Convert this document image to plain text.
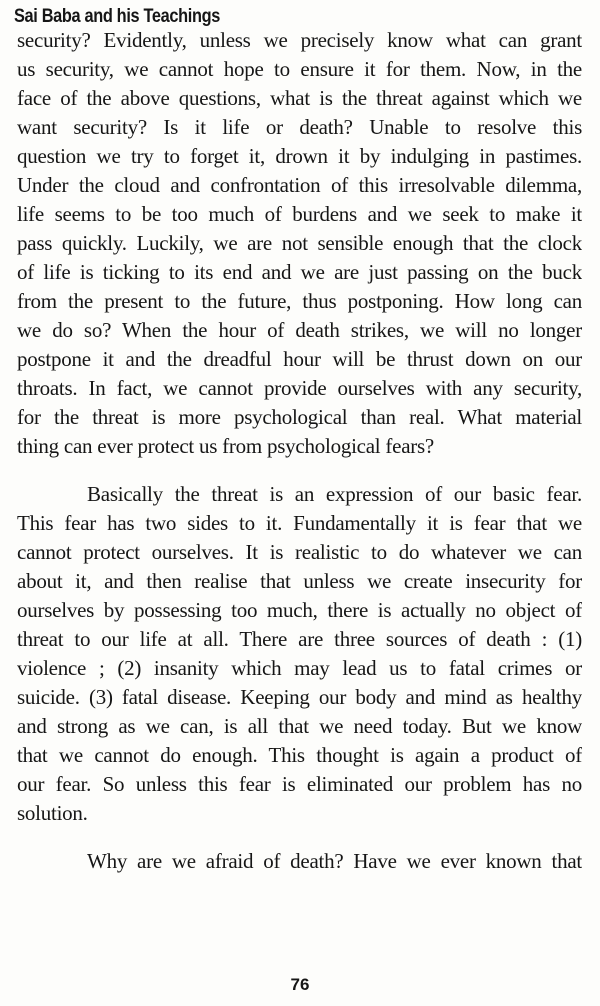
Sai Baba and his Teachings
security? Evidently, unless we precisely know what can grant
us security, we cannot hope to ensure it for them. Now, in the
face of the above questions, what is the threat against which we
want security? Is it life or death? Unable to resolve this
question we try to forget it, drown it by indulging in pastimes.
Under the cloud and confrontation of this irresolvable dilemma,
life seems to be too much of burdens and we seek to make it
pass quickly. Luckily, we are not sensible enough that the clock
of life is ticking to its end and we are just passing on the buck
from the present to the future, thus postponing. How long can
we do so? When the hour of death strikes, we will no longer
postpone it and the dreadful hour will be thrust down on our
throats. In fact, we cannot provide ourselves with any security,
for the threat is more psychological than real. What material
thing can ever protect us from psychological fears?
Basically the threat is an expression of our basic fear.
This fear has two sides to it. Fundamentally it is fear that we
cannot protect ourselves. It is realistic to do whatever we can
about it, and then realise that unless we create insecurity for
ourselves by possessing too much, there is actually no object of
threat to our life at all. There are three sources of death : (1)
violence ; (2) insanity which may lead us to fatal crimes or
suicide. (3) fatal disease. Keeping our body and mind as healthy
and strong as we can, is all that we need today. But we know
that we cannot do enough. This thought is again a product of
our fear. So unless this fear is eliminated our problem has no
solution.
Why are we afraid of death? Have we ever known that
76
